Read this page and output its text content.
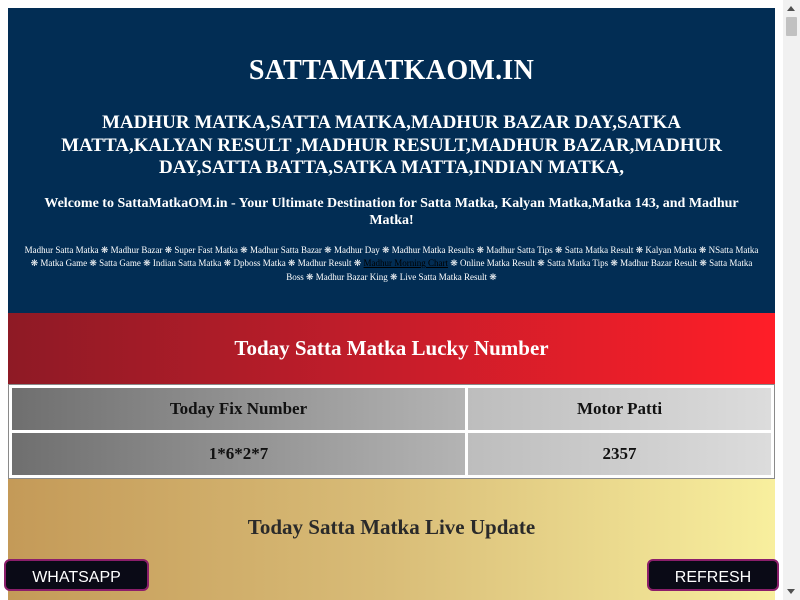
SATTAMATKAOM.IN
MADHUR MATKA,SATTA MATKA,MADHUR BAZAR DAY,SATKA MATTA,KALYAN RESULT ,MADHUR RESULT,MADHUR BAZAR,MADHUR DAY,SATTA BATTA,SATKA MATTA,INDIAN MATKA,
Welcome to SattaMatkaOM.in - Your Ultimate Destination for Satta Matka, Kalyan Matka,Matka 143, and Madhur Matka!
Madhur Satta Matka ❋ Madhur Bazar ❋ Super Fast Matka ❋ Madhur Satta Bazar ❋ Madhur Day ❋ Madhur Matka Results ❋ Madhur Satta Tips ❋ Satta Matka Result ❋ Kalyan Matka ❋ NSatta Matka ❋ Matka Game ❋ Satta Game ❋ Indian Satta Matka ❋ Dpboss Matka ❋ Madhur Result ❋ Madhur Morning Chart ❋ Online Matka Result ❋ Satta Matka Tips ❋ Madhur Bazar Result ❋ Satta Matka Boss ❋ Madhur Bazar King ❋ Live Satta Matka Result ❋
Today Satta Matka Lucky Number
Today Fix Number	Motor Patti
1*6*2*7	2357
Today Satta Matka Live Update
WHATSAPP	REFRESH
